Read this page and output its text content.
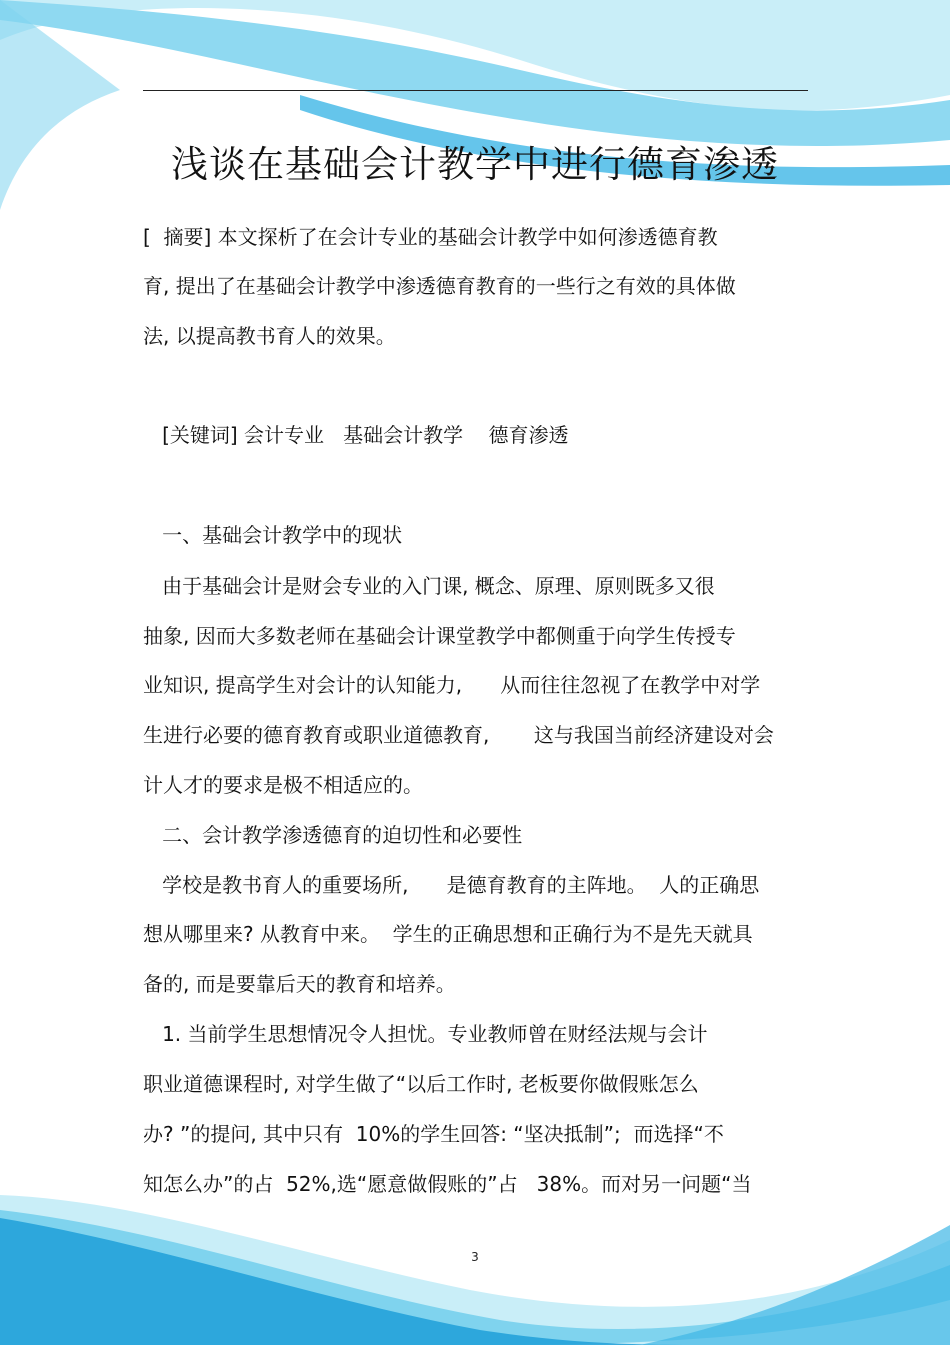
浅谈在基础会计教学中进行德育渗透
[  摘要] 本文探析了在会计专业的基础会计教学中如何渗透德育教
育, 提出了在基础会计教学中渗透德育教育的一些行之有效的具体做
法, 以提高教书育人的效果。
[关键词] 会计专业   基础会计教学    德育渗透
一、基础会计教学中的现状
由于基础会计是财会专业的入门课, 概念、原理、原则既多又很
抽象, 因而大多数老师在基础会计课堂教学中都侧重于向学生传授专
业知识, 提高学生对会计的认知能力,      从而往往忽视了在教学中对学
生进行必要的德育教育或职业道德教育,       这与我国当前经济建设对会
计人才的要求是极不相适应的。
二、会计教学渗透德育的迫切性和必要性
学校是教书育人的重要场所,      是德育教育的主阵地。  人的正确思
想从哪里来? 从教育中来。  学生的正确思想和正确行为不是先天就具
备的, 而是要靠后天的教育和培养。
1. 当前学生思想情况令人担忧。专业教师曾在财经法规与会计
职业道德课程时, 对学生做了“以后工作时, 老板要你做假账怎么
办? ”的提问, 其中只有  10%的学生回答: “坚决抵制”;  而选择“不
知怎么办”的占  52%,选“愿意做假账的”占   38%。而对另一问题“当
3
